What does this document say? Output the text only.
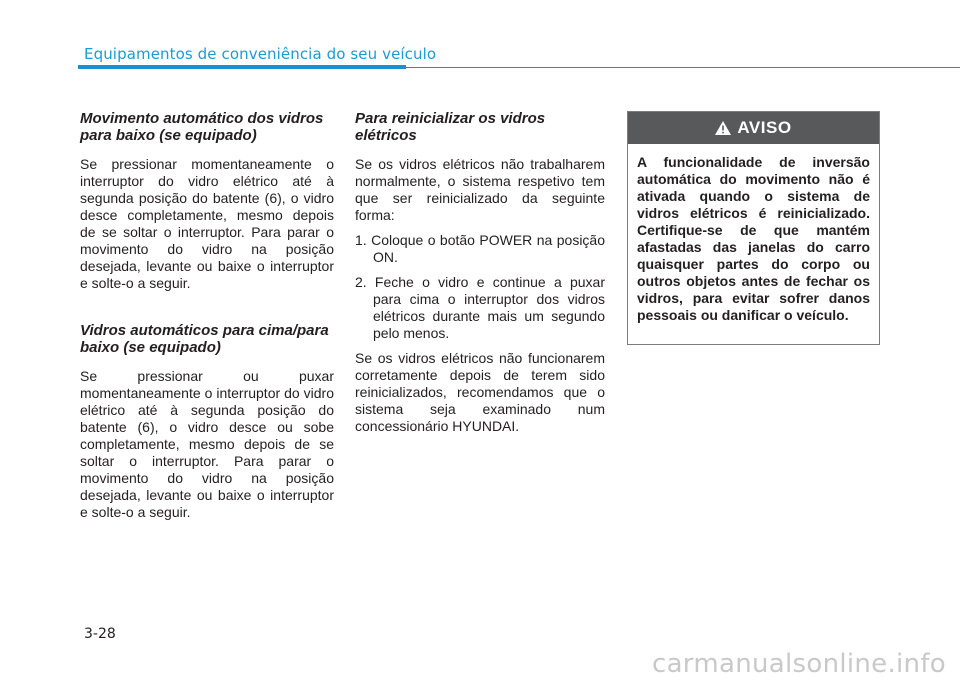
Equipamentos de conveniência do seu veículo
Movimento automático dos vidros para baixo (se equipado)

Se pressionar momentaneamente o interruptor do vidro elétrico até à segunda posição do batente (6), o vidro desce completamente, mesmo depois de se soltar o interruptor. Para parar o movimento do vidro na posição desejada, levante ou baixe o interruptor e solte-o a seguir.

Vidros automáticos para cima/para baixo (se equipado)

Se pressionar ou puxar momentaneamente o interruptor do vidro elétrico até à segunda posição do batente (6), o vidro desce ou sobe completamente, mesmo depois de se soltar o interruptor. Para parar o movimento do vidro na posição desejada, levante ou baixe o interruptor e solte-o a seguir.

Para reinicializar os vidros elétricos

Se os vidros elétricos não trabalharem normalmente, o sistema respetivo tem que ser reinicializado da seguinte forma:

1. Coloque o botão POWER na posição ON.
2. Feche o vidro e continue a puxar para cima o interruptor dos vidros elétricos durante mais um segundo pelo menos.

Se os vidros elétricos não funcionarem corretamente depois de terem sido reinicializados, recomendamos que o sistema seja examinado num concessionário HYUNDAI.

AVISO
A funcionalidade de inversão automática do movimento não é ativada quando o sistema de vidros elétricos é reinicializado. Certifique-se de que mantém afastadas das janelas do carro quaisquer partes do corpo ou outros objetos antes de fechar os vidros, para evitar sofrer danos pessoais ou danificar o veículo.
3-28
carmanualsonline.info
